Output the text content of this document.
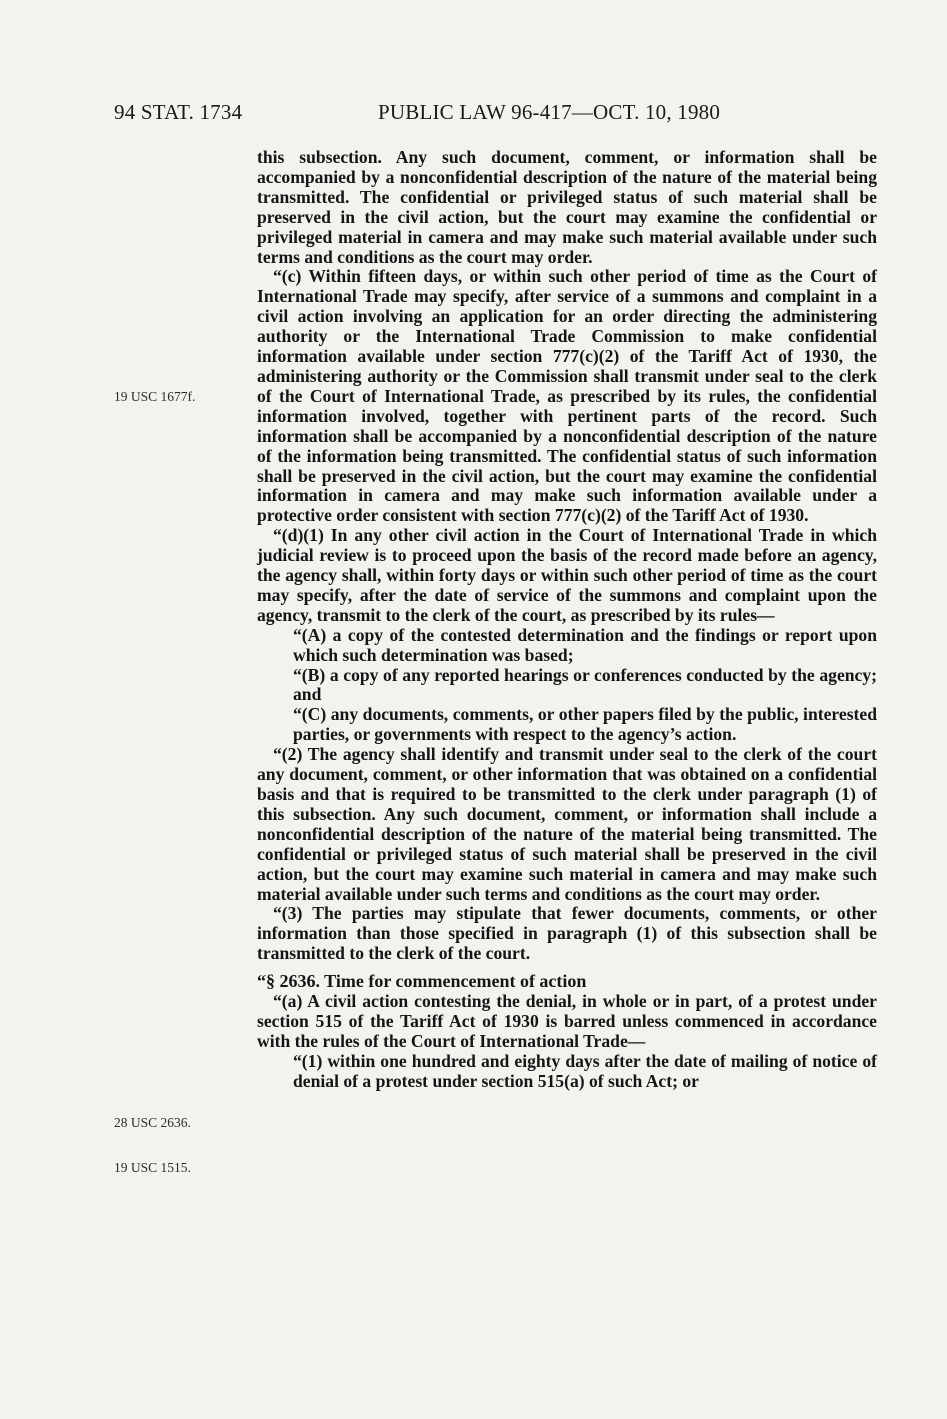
94 STAT. 1734	PUBLIC LAW 96-417—OCT. 10, 1980

19 USC 1677f.
28 USC 2636.
19 USC 1515.

this subsection. Any such document, comment, or information shall be accompanied by a nonconfidential description of the nature of the material being transmitted. The confidential or privileged status of such material shall be preserved in the civil action, but the court may examine the confidential or privileged material in camera and may make such material available under such terms and conditions as the court may order.

“(c) Within fifteen days, or within such other period of time as the Court of International Trade may specify, after service of a summons and complaint in a civil action involving an application for an order directing the administering authority or the International Trade Commission to make confidential information available under section 777(c)(2) of the Tariff Act of 1930, the administering authority or the Commission shall transmit under seal to the clerk of the Court of International Trade, as prescribed by its rules, the confidential information involved, together with pertinent parts of the record. Such information shall be accompanied by a nonconfidential description of the nature of the information being transmitted. The confidential status of such information shall be preserved in the civil action, but the court may examine the confidential information in camera and may make such information available under a protective order consistent with section 777(c)(2) of the Tariff Act of 1930.

“(d)(1) In any other civil action in the Court of International Trade in which judicial review is to proceed upon the basis of the record made before an agency, the agency shall, within forty days or within such other period of time as the court may specify, after the date of service of the summons and complaint upon the agency, transmit to the clerk of the court, as prescribed by its rules—

“(A) a copy of the contested determination and the findings or report upon which such determination was based;

“(B) a copy of any reported hearings or conferences conducted by the agency; and

“(C) any documents, comments, or other papers filed by the public, interested parties, or governments with respect to the agency’s action.

“(2) The agency shall identify and transmit under seal to the clerk of the court any document, comment, or other information that was obtained on a confidential basis and that is required to be transmitted to the clerk under paragraph (1) of this subsection. Any such document, comment, or information shall include a nonconfidential description of the nature of the material being transmitted. The confidential or privileged status of such material shall be preserved in the civil action, but the court may examine such material in camera and may make such material available under such terms and conditions as the court may order.

“(3) The parties may stipulate that fewer documents, comments, or other information than those specified in paragraph (1) of this subsection shall be transmitted to the clerk of the court.

“§ 2636. Time for commencement of action

“(a) A civil action contesting the denial, in whole or in part, of a protest under section 515 of the Tariff Act of 1930 is barred unless commenced in accordance with the rules of the Court of International Trade—

“(1) within one hundred and eighty days after the date of mailing of notice of denial of a protest under section 515(a) of such Act; or
